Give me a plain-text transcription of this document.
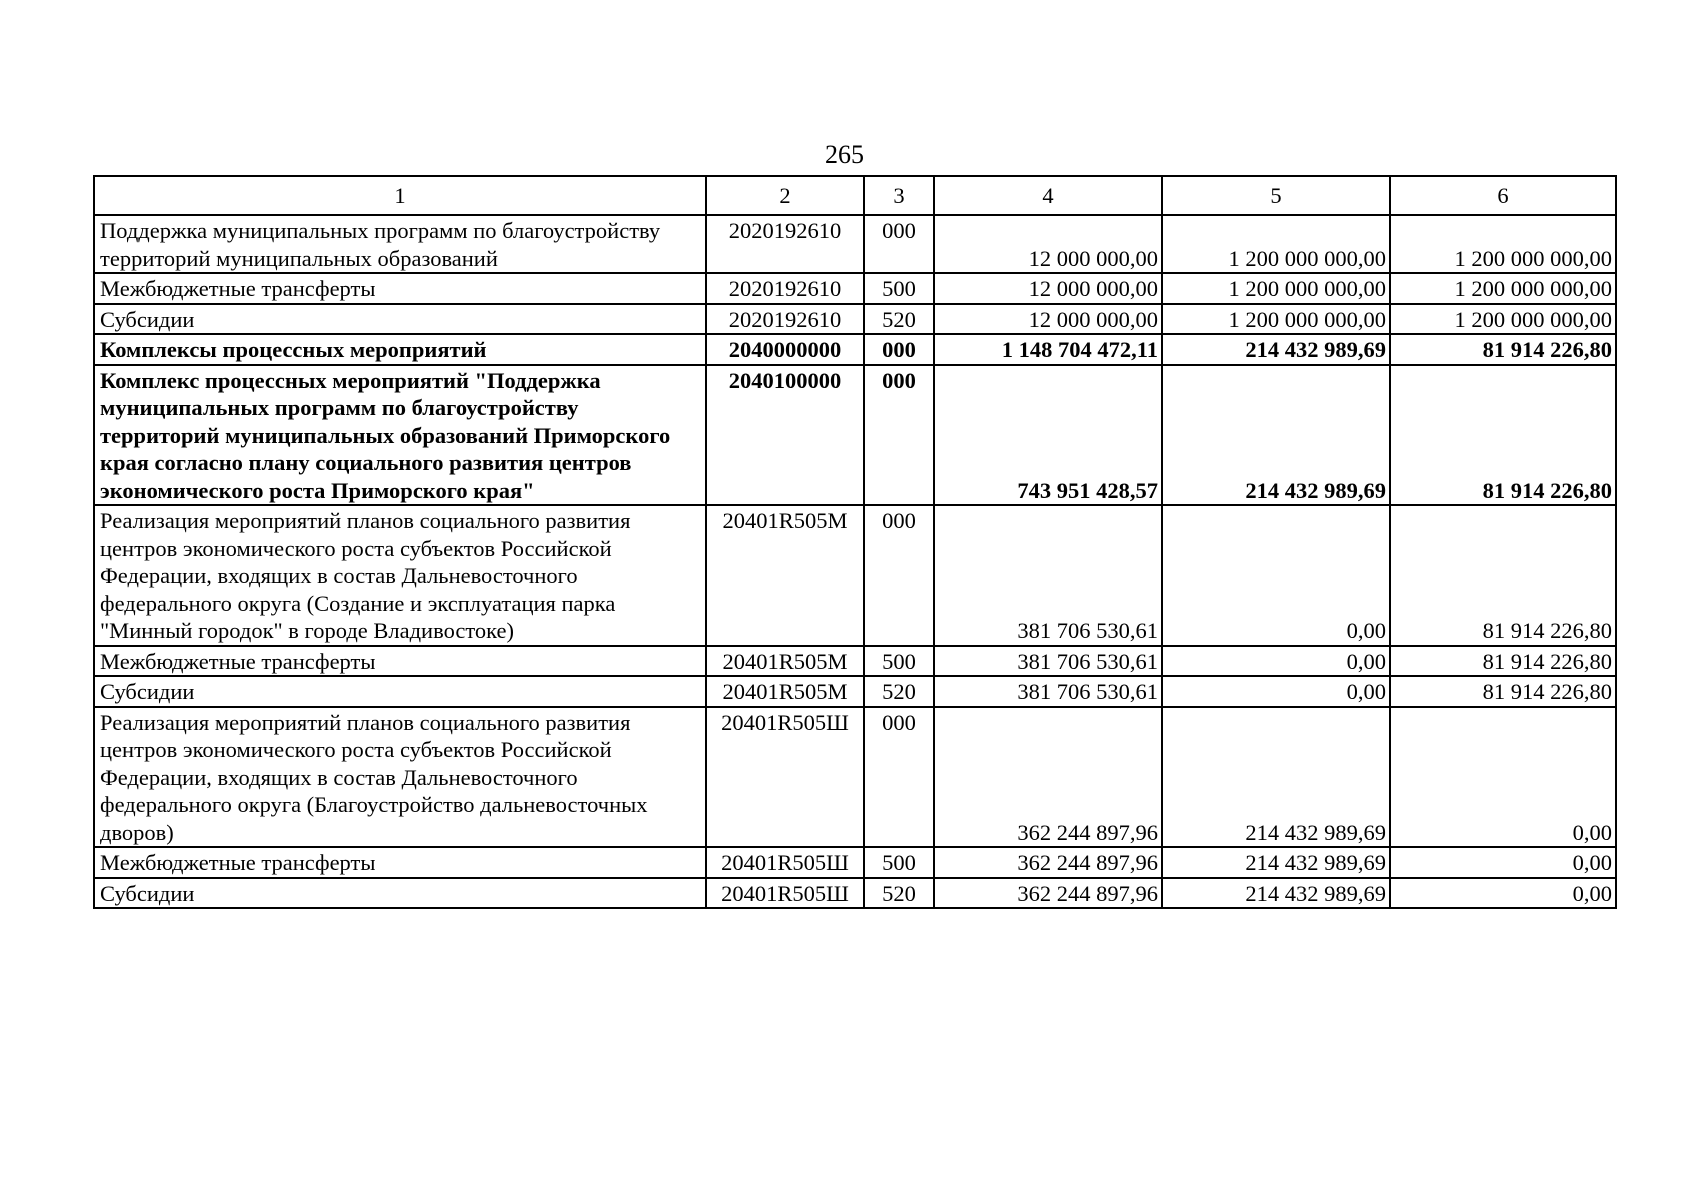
265
1	2	3	4	5	6
Поддержка муниципальных программ по благоустройству территорий муниципальных образований	2020192610	000	12 000 000,00	1 200 000 000,00	1 200 000 000,00
Межбюджетные трансферты	2020192610	500	12 000 000,00	1 200 000 000,00	1 200 000 000,00
Субсидии	2020192610	520	12 000 000,00	1 200 000 000,00	1 200 000 000,00
Комплексы процессных мероприятий	2040000000	000	1 148 704 472,11	214 432 989,69	81 914 226,80
Комплекс процессных мероприятий "Поддержка муниципальных программ по благоустройству территорий муниципальных образований Приморского края согласно плану социального развития центров экономического роста Приморского края"	2040100000	000	743 951 428,57	214 432 989,69	81 914 226,80
Реализация мероприятий планов социального развития центров экономического роста субъектов Российской Федерации, входящих в состав Дальневосточного федерального округа (Создание и эксплуатация парка "Минный городок" в городе Владивостоке)	20401R505М	000	381 706 530,61	0,00	81 914 226,80
Межбюджетные трансферты	20401R505М	500	381 706 530,61	0,00	81 914 226,80
Субсидии	20401R505М	520	381 706 530,61	0,00	81 914 226,80
Реализация мероприятий планов социального развития центров экономического роста субъектов Российской Федерации, входящих в состав Дальневосточного федерального округа (Благоустройство дальневосточных дворов)	20401R505Ш	000	362 244 897,96	214 432 989,69	0,00
Межбюджетные трансферты	20401R505Ш	500	362 244 897,96	214 432 989,69	0,00
Субсидии	20401R505Ш	520	362 244 897,96	214 432 989,69	0,00
